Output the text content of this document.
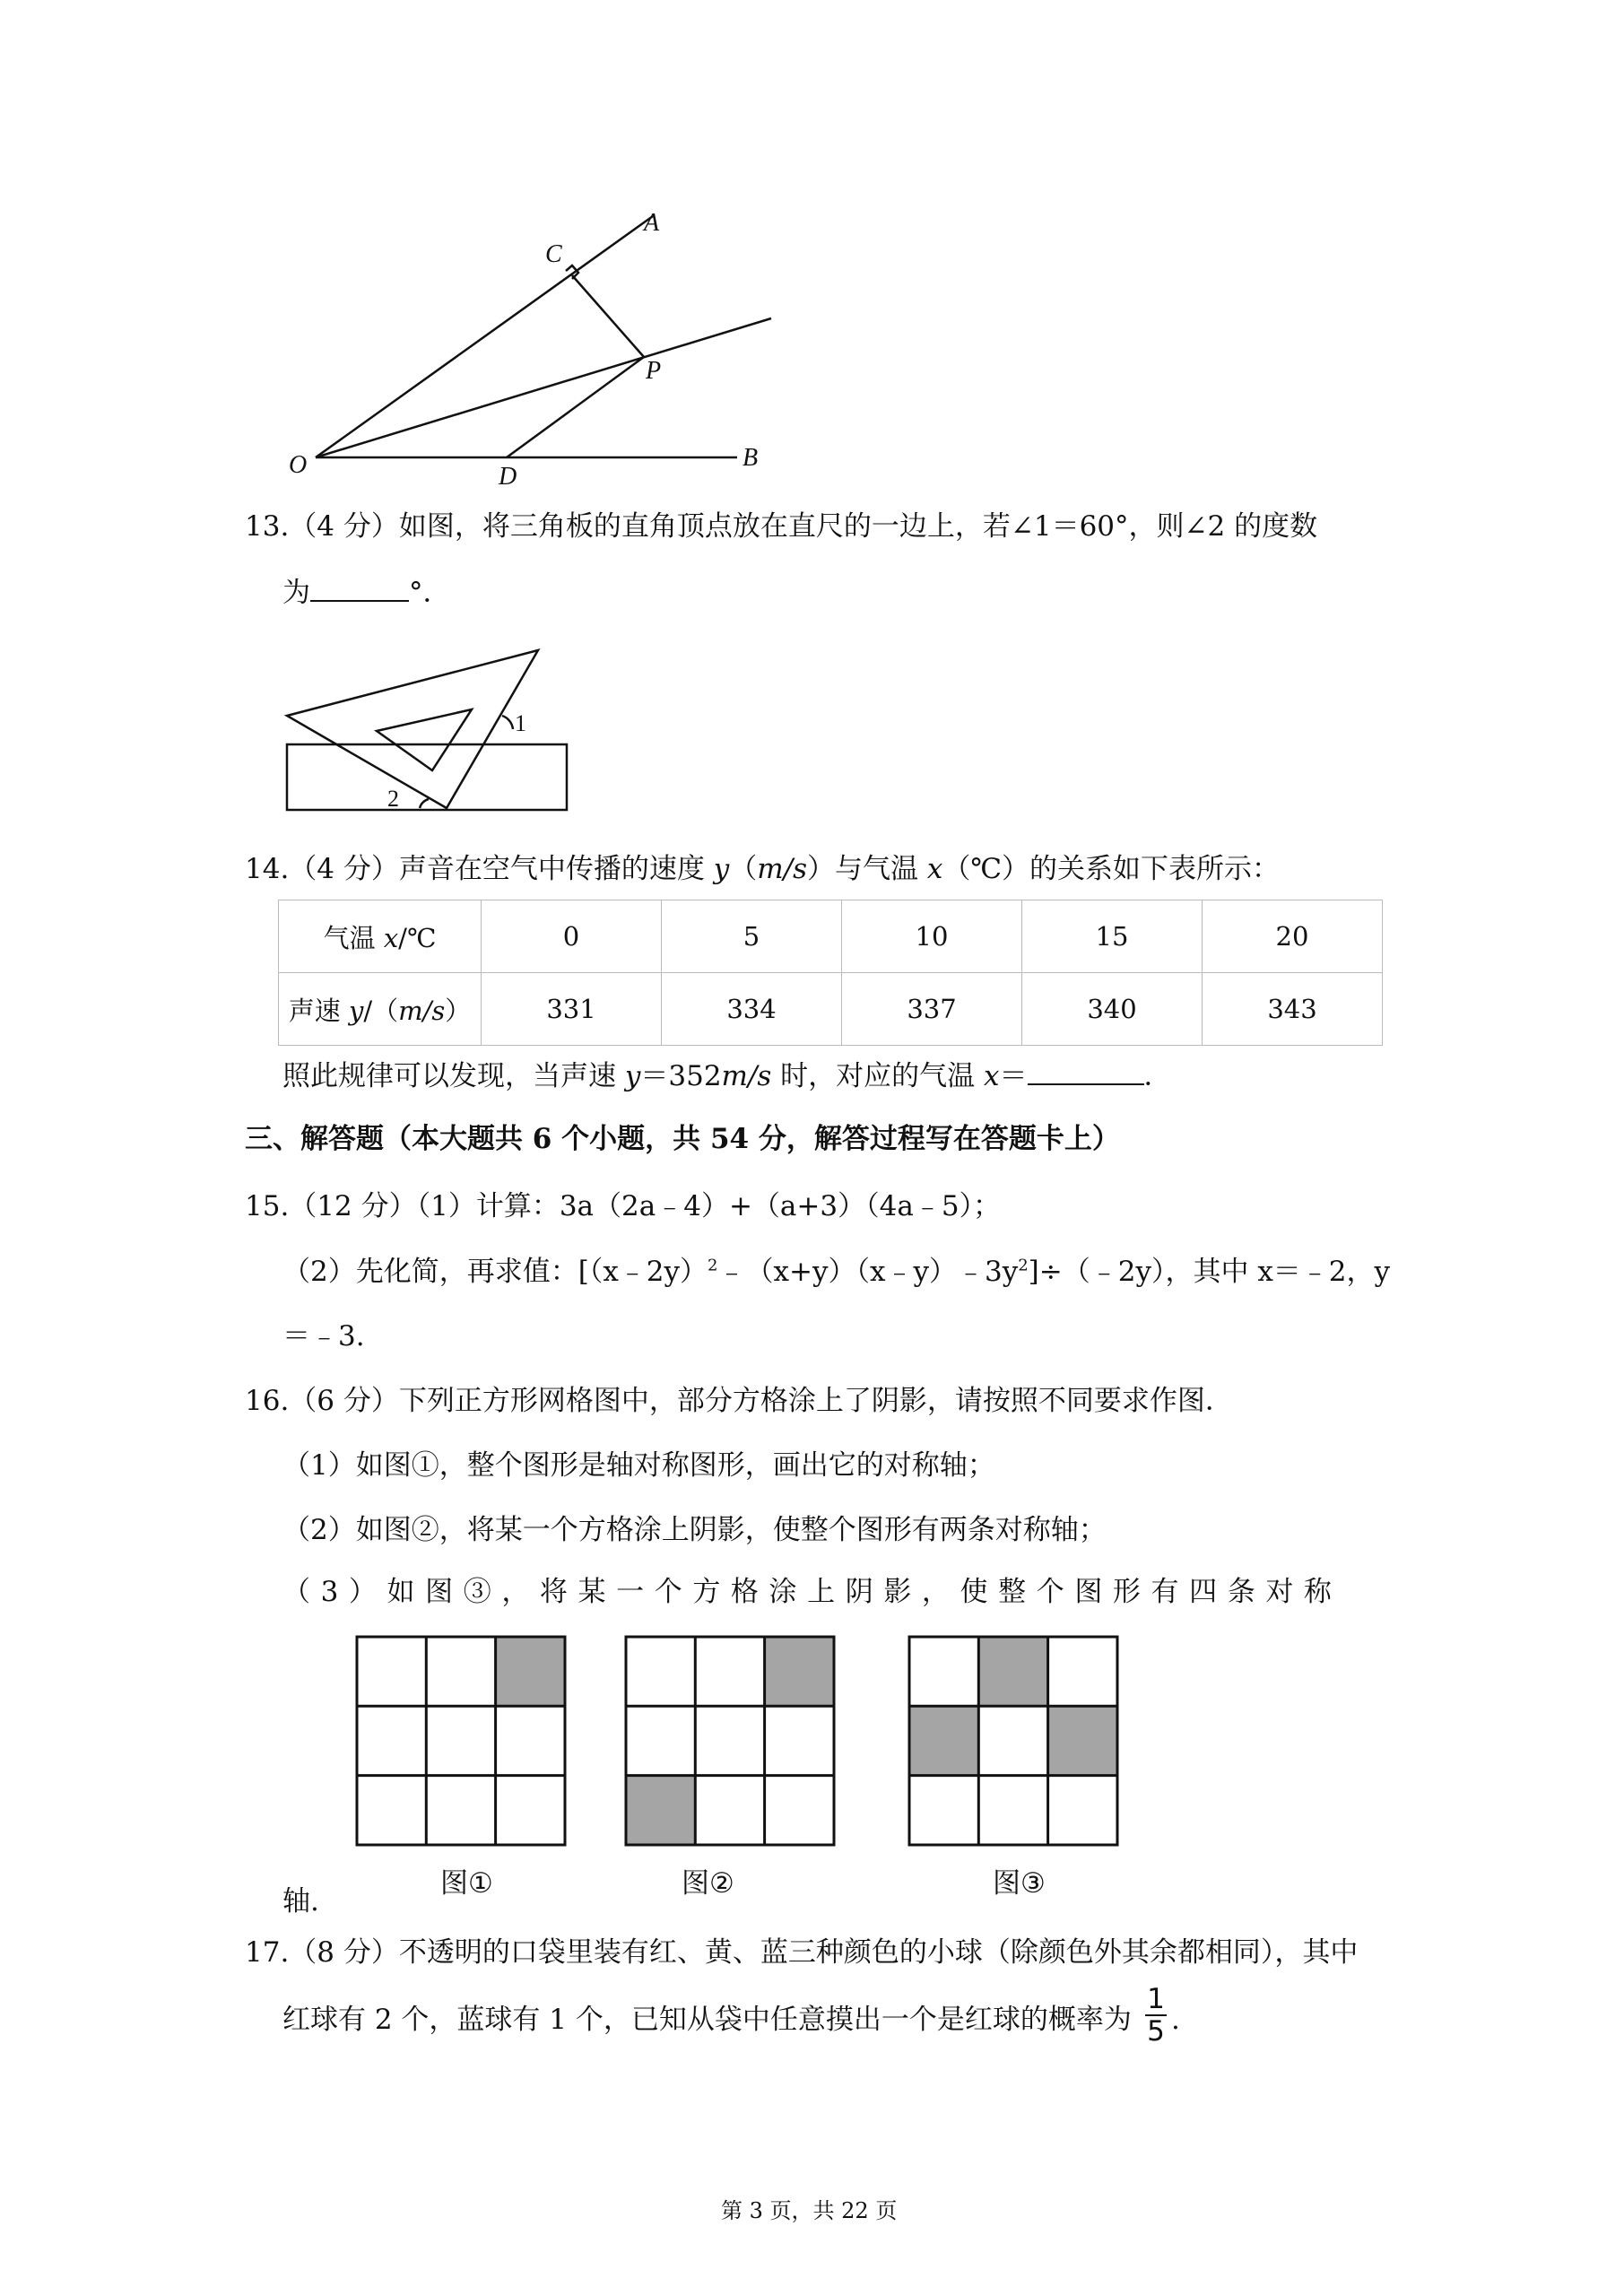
O
A
C
P
D
B
13.（4 分）如图，将三角板的直角顶点放在直尺的一边上，若∠1＝60°，则∠2 的度数
为	°．
1
2
14.（4 分）声音在空气中传播的速度 y（m/s）与气温 x（℃）的关系如下表所示：
气温 x/℃	0	5	10	15	20
声速 y/（m/s）	331	334	337	340	343
照此规律可以发现，当声速 y＝352m/s 时，对应的气温 x＝	．
三、解答题（本大题共 6 个小题，共 54 分，解答过程写在答题卡上）
15.（12 分）（1）计算：3a（2a﹣4）+（a+3）（4a﹣5）；
（2）先化简，再求值：$[(x﹣2y)^2﹣(x+y)(x﹣y)﹣3y^2]\div(﹣2y)$，其中 x＝﹣2，y
＝﹣3.
16.（6 分）下列正方形网格图中，部分方格涂上了阴影，请按照不同要求作图．
（1）如图①，整个图形是轴对称图形，画出它的对称轴；
（2）如图②，将某一个方格涂上阴影，使整个图形有两条对称轴；
（3）如图③，将某一个方格涂上阴影，使整个图形有四条对称
图①	图②	图③
轴.
17.（8 分）不透明的口袋里装有红、黄、蓝三种颜色的小球（除颜色外其余都相同），其中
红球有 2 个，蓝球有 1 个，已知从袋中任意摸出一个是红球的概率为
1
5 .
第 3 页，共 22 页
